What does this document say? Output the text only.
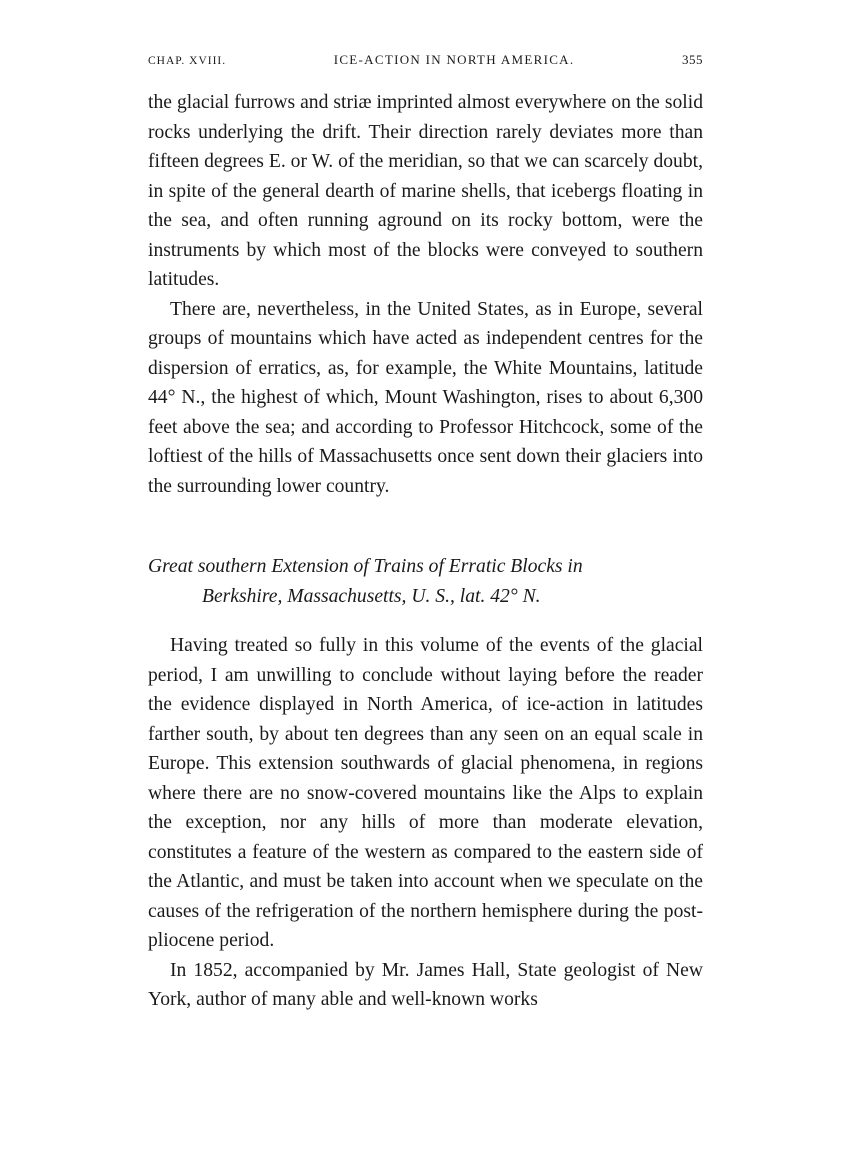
CHAP. XVIII.	ICE-ACTION IN NORTH AMERICA.	355

the glacial furrows and striæ imprinted almost everywhere on the solid rocks underlying the drift. Their direction rarely deviates more than fifteen degrees E. or W. of the meridian, so that we can scarcely doubt, in spite of the general dearth of marine shells, that icebergs floating in the sea, and often running aground on its rocky bottom, were the instruments by which most of the blocks were conveyed to southern latitudes.

There are, nevertheless, in the United States, as in Europe, several groups of mountains which have acted as independent centres for the dispersion of erratics, as, for example, the White Mountains, latitude 44° N., the highest of which, Mount Washington, rises to about 6,300 feet above the sea; and according to Professor Hitchcock, some of the loftiest of the hills of Massachusetts once sent down their glaciers into the surrounding lower country.

Great southern Extension of Trains of Erratic Blocks in
Berkshire, Massachusetts, U. S., lat. 42° N.

Having treated so fully in this volume of the events of the glacial period, I am unwilling to conclude without laying before the reader the evidence displayed in North America, of ice-action in latitudes farther south, by about ten degrees than any seen on an equal scale in Europe. This extension southwards of glacial phenomena, in regions where there are no snow-covered mountains like the Alps to explain the exception, nor any hills of more than moderate elevation, constitutes a feature of the western as compared to the eastern side of the Atlantic, and must be taken into account when we speculate on the causes of the refrigeration of the northern hemisphere during the post-pliocene period.

In 1852, accompanied by Mr. James Hall, State geologist of New York, author of many able and well-known works
